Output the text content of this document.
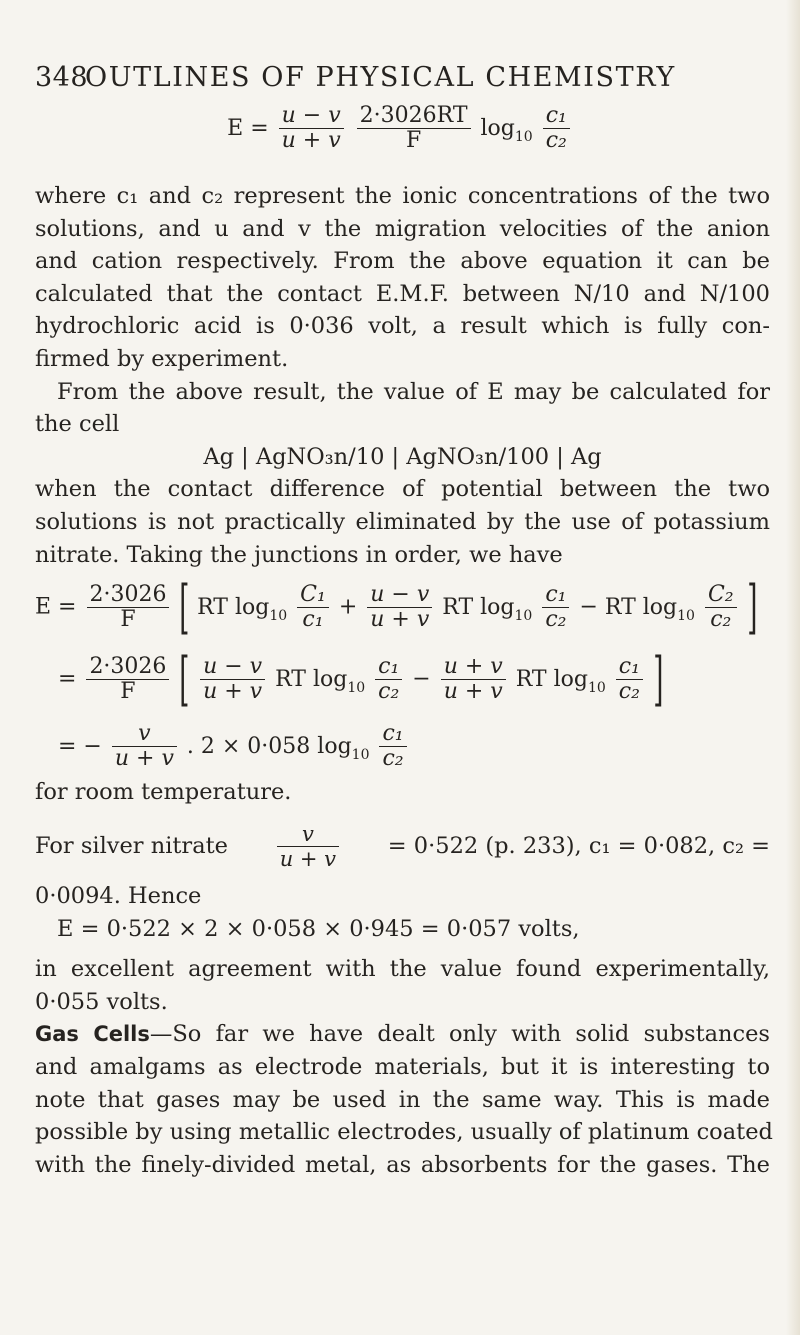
348
OUTLINES OF PHYSICAL CHEMISTRY
$E = \frac{u - v}{u + v}$
$\frac{2\cdot 3026RT}{F} \log_{10} \frac{\text{c₁}}{\text{c₂}}$
where c₁ and c₂ represent the ionic concentrations of the two
solutions, and u and v the migration velocities of the anion
and cation respectively. From the above equation it can be
calculated that the contact E.M.F. between N/10 and N/100
hydrochloric acid is 0·036 volt, a result which is fully con-
firmed by experiment.
From the above result, the value of E may be calculated for
the cell
Ag | AgNO₃n/10 | AgNO₃n/100 | Ag
when the contact difference of potential between the two
solutions is not practically eliminated by the use of potassium
nitrate. Taking the junctions in order, we have
$E = \frac{2\cdot 3026}{F}$ [ RT $\log_{10} \frac{\text{C₁}}{\text{c₁}} + \frac{u - v}{u + v}$ RT $\log_{10} \frac{\text{c₁}}{\text{c₂}}$ − RT $\log_{10} \frac{\text{C₂}}{\text{c₂}}$ ]
= $\frac{2\cdot 3026}{F}$ [ $\frac{u - v}{u + v}$ RT $\log_{10} \frac{\text{c₁}}{\text{c₂}} - \frac{u + v}{u + v}$ RT $\log_{10} \frac{\text{c₁}}{\text{c₂}}$ ]
= − $\frac{v}{u + v}$ . 2 × 0·058 $\log_{10} \frac{\text{c₁}}{\text{c₂}}$
for room temperature.
For silver nitrate $\frac{v}{u + v} = 0\cdot 522$ (p. 233), c₁ = 0·082, c₂ =
0·0094. Hence
E = 0·522 × 2 × 0·058 × 0·945 = 0·057 volts,
in excellent agreement with the value found experimentally,
0·055 volts.
Gas Cells—So far we have dealt only with solid substances
and amalgams as electrode materials, but it is interesting to
note that gases may be used in the same way. This is made
possible by using metallic electrodes, usually of platinum coated
with the finely-divided metal, as absorbents for the gases. The
